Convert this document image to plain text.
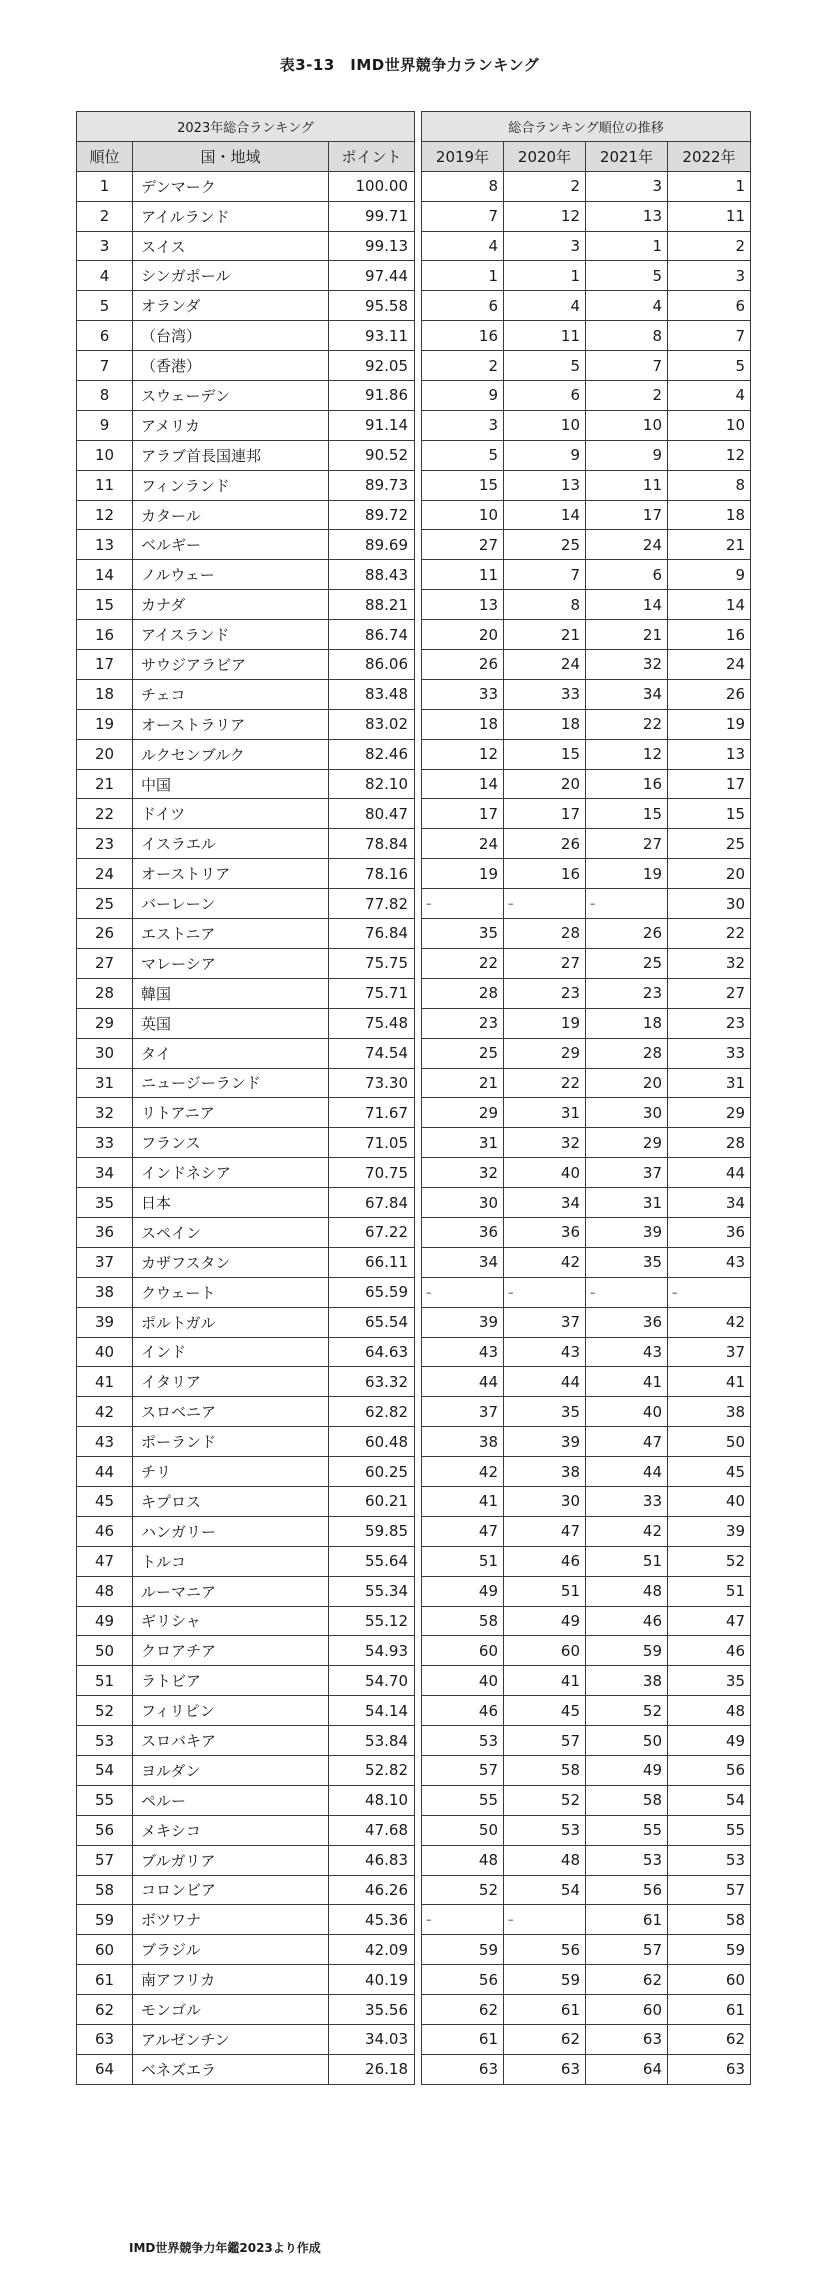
表3-13　IMD世界競争力ランキング
2023年総合ランキング		
順位	国・地域	ポイント
1	デンマーク	100.00
2	アイルランド	99.71
3	スイス	99.13
4	シンガポール	97.44
5	オランダ	95.58
6	（台湾）	93.11
7	（香港）	92.05
8	スウェーデン	91.86
9	アメリカ	91.14
10	アラブ首長国連邦	90.52
11	フィンランド	89.73
12	カタール	89.72
13	ベルギー	89.69
14	ノルウェー	88.43
15	カナダ	88.21
16	アイスランド	86.74
17	サウジアラビア	86.06
18	チェコ	83.48
19	オーストラリア	83.02
20	ルクセンブルク	82.46
21	中国	82.10
22	ドイツ	80.47
23	イスラエル	78.84
24	オーストリア	78.16
25	バーレーン	77.82
26	エストニア	76.84
27	マレーシア	75.75
28	韓国	75.71
29	英国	75.48
30	タイ	74.54
31	ニュージーランド	73.30
32	リトアニア	71.67
33	フランス	71.05
34	インドネシア	70.75
35	日本	67.84
36	スペイン	67.22
37	カザフスタン	66.11
38	クウェート	65.59
39	ポルトガル	65.54
40	インド	64.63
41	イタリア	63.32
42	スロベニア	62.82
43	ポーランド	60.48
44	チリ	60.25
45	キプロス	60.21
46	ハンガリー	59.85
47	トルコ	55.64
48	ルーマニア	55.34
49	ギリシャ	55.12
50	クロアチア	54.93
51	ラトビア	54.70
52	フィリピン	54.14
53	スロバキア	53.84
54	ヨルダン	52.82
55	ペルー	48.10
56	メキシコ	47.68
57	ブルガリア	46.83
58	コロンビア	46.26
59	ボツワナ	45.36
60	ブラジル	42.09
61	南アフリカ	40.19
62	モンゴル	35.56
63	アルゼンチン	34.03
64	ベネズエラ	26.18
総合ランキング順位の推移			
2019年	2020年	2021年	2022年
8	2	3	1
7	12	13	11
4	3	1	2
1	1	5	3
6	4	4	6
16	11	8	7
2	5	7	5
9	6	2	4
3	10	10	10
5	9	9	12
15	13	11	8
10	14	17	18
27	25	24	21
11	7	6	9
13	8	14	14
20	21	21	16
26	24	32	24
33	33	34	26
18	18	22	19
12	15	12	13
14	20	16	17
17	17	15	15
24	26	27	25
19	16	19	20
–	–	–	30
35	28	26	22
22	27	25	32
28	23	23	27
23	19	18	23
25	29	28	33
21	22	20	31
29	31	30	29
31	32	29	28
32	40	37	44
30	34	31	34
36	36	39	36
34	42	35	43
–	–	–	–
39	37	36	42
43	43	43	37
44	44	41	41
37	35	40	38
38	39	47	50
42	38	44	45
41	30	33	40
47	47	42	39
51	46	51	52
49	51	48	51
58	49	46	47
60	60	59	46
40	41	38	35
46	45	52	48
53	57	50	49
57	58	49	56
55	52	58	54
50	53	55	55
48	48	53	53
52	54	56	57
–	–	61	58
59	56	57	59
56	59	62	60
62	61	60	61
61	62	63	62
63	63	64	63
IMD世界競争力年鑑2023より作成
